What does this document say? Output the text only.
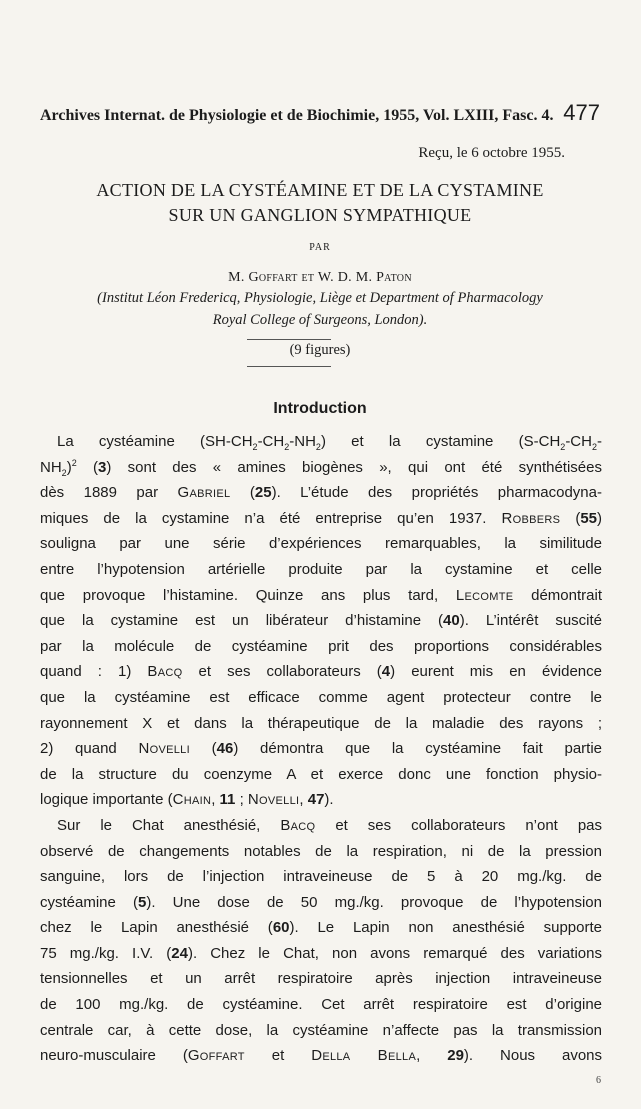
Archives Internat. de Physiologie et de Biochimie, 1955, Vol. LXIII, Fasc. 4. 477
Reçu, le 6 octobre 1955.
ACTION DE LA CYSTÉAMINE ET DE LA CYSTAMINE
SUR UN GANGLION SYMPATHIQUE
PAR
M. Goffart et W. D. M. Paton
(Institut Léon Fredericq, Physiologie, Liège et Department of Pharmacology
Royal College of Surgeons, London).
(9 figures)
Introduction
La cystéamine $(SH-CH_2-CH_2-NH_2)$ et la cystamine ($S-CH_2-CH_2-$
$NH_2)^2$ (3) sont des « amines biogènes », qui ont été synthétisées
dès 1889 par Gabriel (25). L’étude des propriétés pharmacodyna-
miques de la cystamine n’a été entreprise qu’en 1937. Robbers (55)
souligna par une série d’expériences remarquables, la similitude
entre l’hypotension artérielle produite par la cystamine et celle
que provoque l’histamine. Quinze ans plus tard, Lecomte démontrait
que la cystamine est un libérateur d’histamine (40). L’intérêt suscité
par la molécule de cystéamine prit des proportions considérables
quand : 1) Bacq et ses collaborateurs (4) eurent mis en évidence
que la cystéamine est efficace comme agent protecteur contre le
rayonnement X et dans la thérapeutique de la maladie des rayons ;
2) quand Novelli (46) démontra que la cystéamine fait partie
de la structure du coenzyme A et exerce donc une fonction physio-
logique importante (Chain, 11 ; Novelli, 47).
Sur le Chat anesthésié, Bacq et ses collaborateurs n’ont pas
observé de changements notables de la respiration, ni de la pression
sanguine, lors de l’injection intraveineuse de 5 à 20 mg./kg. de
cystéamine (5). Une dose de 50 mg./kg. provoque de l’hypotension
chez le Lapin anesthésié (60). Le Lapin non anesthésié supporte
75 mg./kg. I.V. (24). Chez le Chat, non avons remarqué des variations
tensionnelles et un arrêt respiratoire après injection intraveineuse
de 100 mg./kg. de cystéamine. Cet arrêt respiratoire est d’origine
centrale car, à cette dose, la cystéamine n’affecte pas la transmission
neuro-musculaire (Goffart et Della Bella, 29). Nous avons
6
